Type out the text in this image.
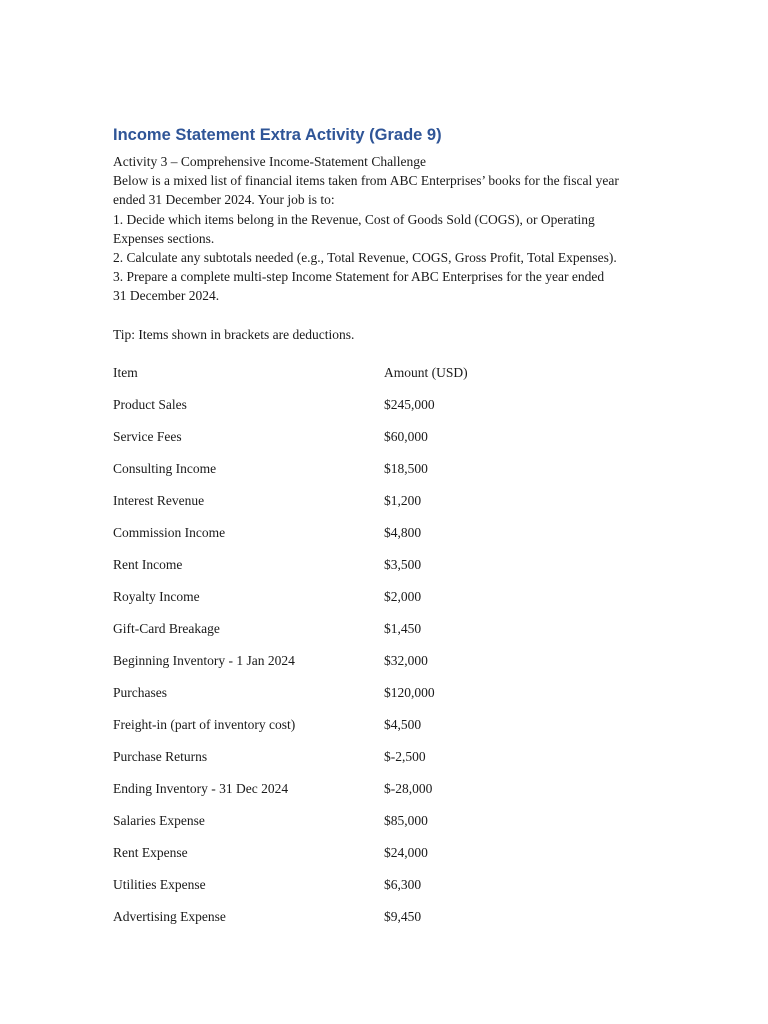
Income Statement Extra Activity (Grade 9)

Activity 3 – Comprehensive Income-Statement Challenge

Below is a mixed list of financial items taken from ABC Enterprises’ books for the fiscal year

ended 31 December 2024. Your job is to:

1. Decide which items belong in the Revenue, Cost of Goods Sold (COGS), or Operating

Expenses sections.

2. Calculate any subtotals needed (e.g., Total Revenue, COGS, Gross Profit, Total Expenses).

3. Prepare a complete multi-step Income Statement for ABC Enterprises for the year ended

31 December 2024.

Tip: Items shown in brackets are deductions.

Item	Amount (USD)
Product Sales	$245,000
Service Fees	$60,000
Consulting Income	$18,500
Interest Revenue	$1,200
Commission Income	$4,800
Rent Income	$3,500
Royalty Income	$2,000
Gift-Card Breakage	$1,450
Beginning Inventory - 1 Jan 2024	$32,000
Purchases	$120,000
Freight-in (part of inventory cost)	$4,500
Purchase Returns	$-2,500
Ending Inventory - 31 Dec 2024	$-28,000
Salaries Expense	$85,000
Rent Expense	$24,000
Utilities Expense	$6,300
Advertising Expense	$9,450
